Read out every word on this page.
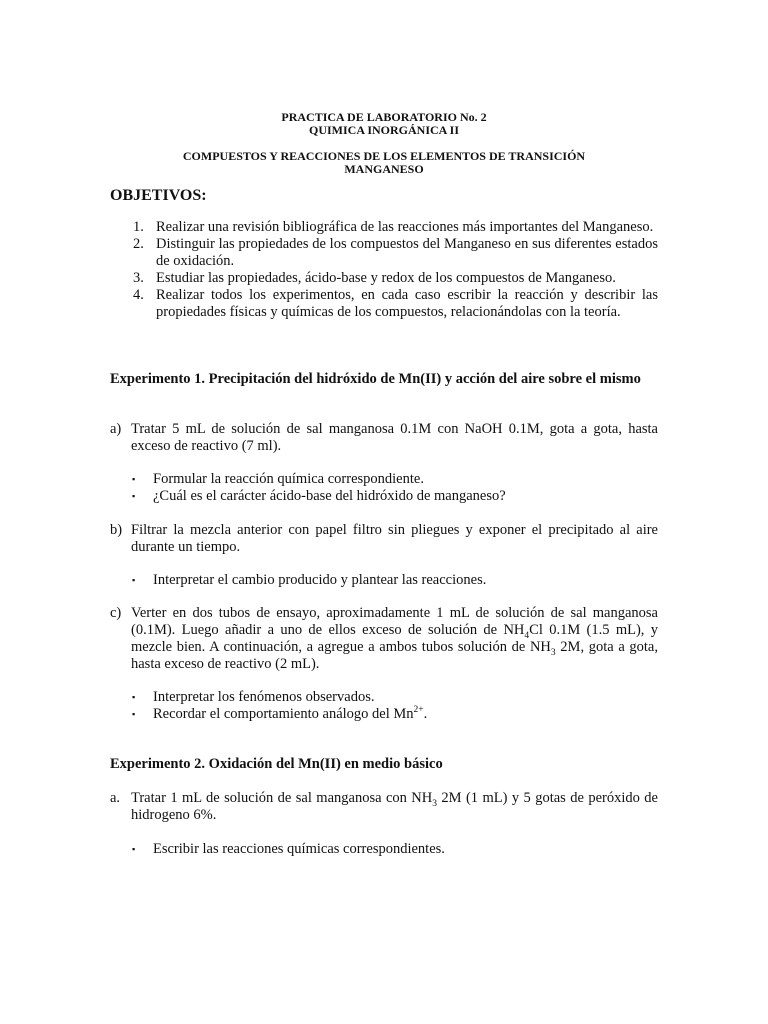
PRACTICA DE LABORATORIO No. 2
QUIMICA INORGÁNICA II
COMPUESTOS Y REACCIONES DE LOS ELEMENTOS DE TRANSICIÓN
MANGANESO
OBJETIVOS:
1. Realizar una revisión bibliográfica de las reacciones más importantes del Manganeso.
2. Distinguir las propiedades de los compuestos del Manganeso en sus diferentes estados de oxidación.
3. Estudiar las propiedades, ácido-base y redox de los compuestos de Manganeso.
4. Realizar todos los experimentos, en cada caso escribir la reacción y describir las propiedades físicas y químicas de los compuestos, relacionándolas con la teoría.
Experimento 1. Precipitación del hidróxido de Mn(II) y acción del aire sobre el mismo
a) Tratar 5 mL de solución de sal manganosa 0.1M con NaOH 0.1M, gota a gota, hasta exceso de reactivo (7 ml).
▪ Formular la reacción química correspondiente.
▪ ¿Cuál es el carácter ácido-base del hidróxido de manganeso?
b) Filtrar la mezcla anterior con papel filtro sin pliegues y exponer el precipitado al aire durante un tiempo.
▪ Interpretar el cambio producido y plantear las reacciones.
c) Verter en dos tubos de ensayo, aproximadamente 1 mL de solución de sal manganosa (0.1M). Luego añadir a uno de ellos exceso de solución de $NH_4Cl$ 0.1M (1.5 mL), y mezcle bien. A continuación, a agregue a ambos tubos solución de $NH_3$ 2M, gota a gota, hasta exceso de reactivo (2 mL).
▪ Interpretar los fenómenos observados.
▪ Recordar el comportamiento análogo del $Mn^{2+}$.
Experimento 2. Oxidación del Mn(II) en medio básico
a. Tratar 1 mL de solución de sal manganosa con $NH_3$ 2M (1 mL) y 5 gotas de peróxido de hidrogeno 6%.
▪ Escribir las reacciones químicas correspondientes.
